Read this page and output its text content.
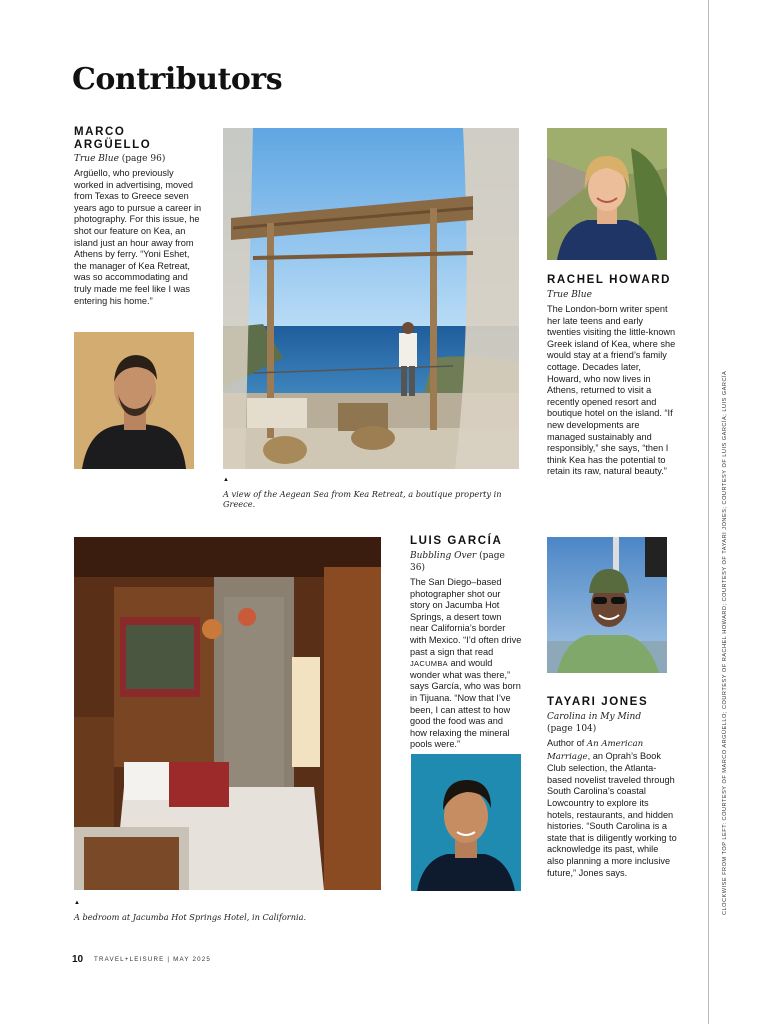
Contributors
MARCO ARGÜELLO
True Blue (page 96)
Argüello, who previously worked in advertising, moved from Texas to Greece seven years ago to pursue a career in photography. For this issue, he shot our feature on Kea, an island just an hour away from Athens by ferry. “Yoni Eshet, the manager of Kea Retreat, was so accommodating and truly made me feel like I was entering his home.”
▲
A view of the Aegean Sea from Kea Retreat, a boutique property in Greece.
RACHEL HOWARD
True Blue
The London-born writer spent her late teens and early twenties visiting the little-known Greek island of Kea, where she would stay at a friend’s family cottage. Decades later, Howard, who now lives in Athens, returned to visit a recently opened resort and boutique hotel on the island. “If new developments are managed sustainably and responsibly,” she says, “then I think Kea has the potential to retain its raw, natural beauty.”
▲
A bedroom at Jacumba Hot Springs Hotel, in California.
LUIS GARCÍA
Bubbling Over (page 36)
The San Diego–based photographer shot our story on Jacumba Hot Springs, a desert town near California’s border with Mexico. “I’d often drive past a sign that read JACUMBA and would wonder what was there,” says García, who was born in Tijuana. “Now that I’ve been, I can attest to how good the food was and how relaxing the mineral pools were.”
TAYARI JONES
Carolina in My Mind
(page 104)
Author of An American Marriage, an Oprah’s Book Club selection, the Atlanta-based novelist traveled through South Carolina’s coastal Lowcountry to explore its hotels, restaurants, and hidden histories. “South Carolina is a state that is diligently working to acknowledge its past, while also planning a more inclusive future,” Jones says.	CLOCKWISE FROM TOP LEFT: COURTESY OF MARCO ARGÜELLO; COURTESY OF RACHEL HOWARD; COURTESY OF TAYARI JONES; COURTESY OF LUIS GARCÍA; LUIS GARCÍA
10 TRAVEL+LEISURE | MAY 2025
